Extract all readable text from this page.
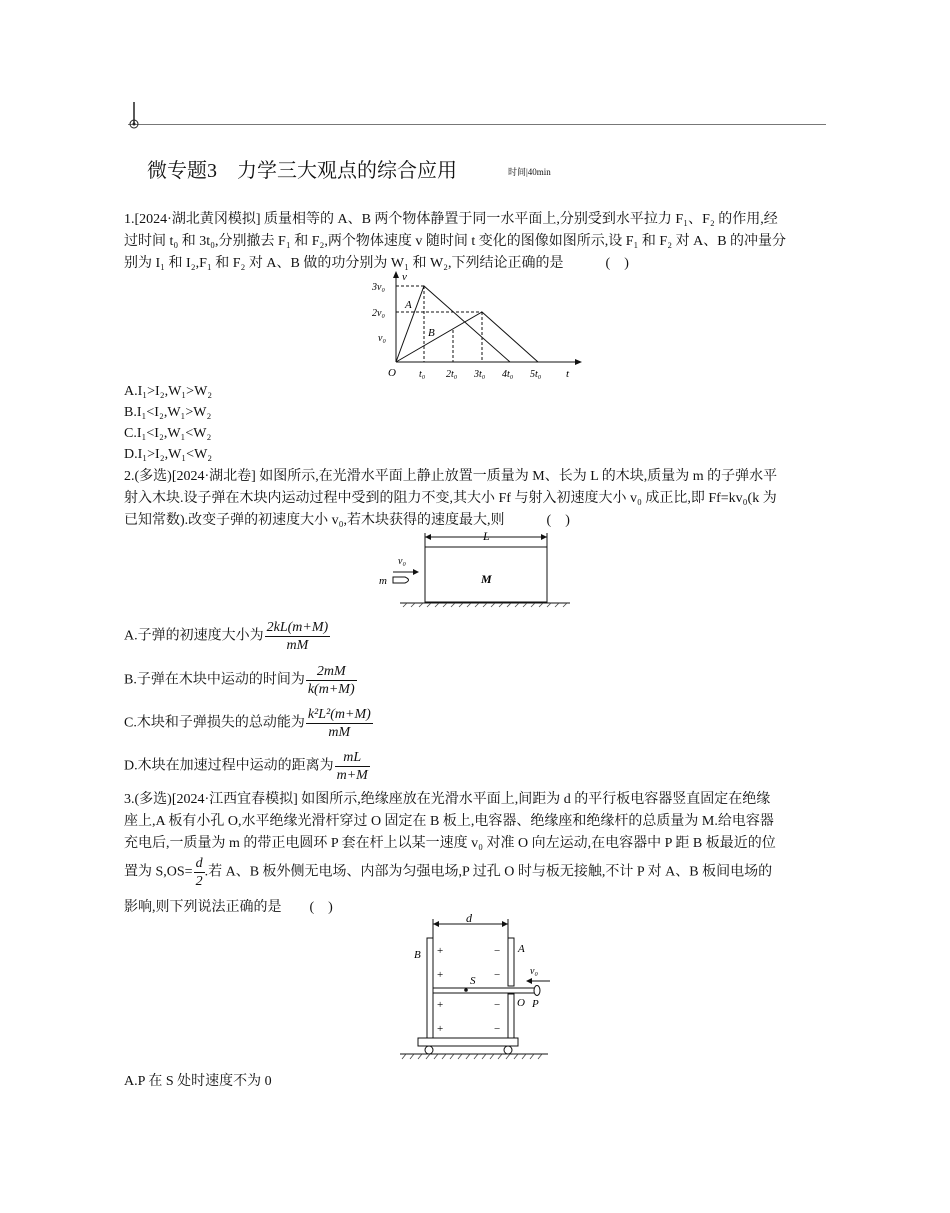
微专题3　力学三大观点的综合应用	时间|40min
1.[2024·湖北黄冈模拟] 质量相等的 A、B 两个物体静置于同一水平面上,分别受到水平拉力 F₁、F₂ 的作用,经
过时间 t₀ 和 3t₀,分别撤去 F₁ 和 F₂,两个物体速度 v 随时间 t 变化的图像如图所示,设 F₁ 和 F₂ 对 A、B 的冲量分
别为 I₁ 和 I₂,F₁ 和 F₂ 对 A、B 做的功分别为 W₁ 和 W₂,下列结论正确的是　　　(　)
v
t
O
3v₀
2v₀
v₀
A
B
t₀ 2t₀ 3t₀ 4t₀ 5t₀
A.I₁>I₂,W₁>W₂
B.I₁<I₂,W₁>W₂
C.I₁<I₂,W₁<W₂
D.I₁>I₂,W₁<W₂
2.(多选)[2024·湖北卷] 如图所示,在光滑水平面上静止放置一质量为 M、长为 L 的木块,质量为 m 的子弹水平
射入木块.设子弹在木块内运动过程中受到的阻力不变,其大小 Ff 与射入初速度大小 v₀ 成正比,即 Ff=kv₀(k 为
已知常数).改变子弹的初速度大小 v₀,若木块获得的速度最大,则　　　(　)
L
M
v₀
m
A.子弹的初速度大小为 $\frac{2kL(m+M)}{mM}$
B.子弹在木块中运动的时间为 $\frac{2mM}{k(m+M)}$
C.木块和子弹损失的总动能为 $\frac{\text{k²L²(m+M)}}{mM}$
D.木块在加速过程中运动的距离为 $\frac{mL}{m+M}$
3.(多选)[2024·江西宜春模拟] 如图所示,绝缘座放在光滑水平面上,间距为 d 的平行板电容器竖直固定在绝缘
座上,A 板有小孔 O,水平绝缘光滑杆穿过 O 固定在 B 板上,电容器、绝缘座和绝缘杆的总质量为 M.给电容器
充电后,一质量为 m 的带正电圆环 P 套在杆上以某一速度 v₀ 对准 O 向左运动,在电容器中 P 距 B 板最近的位
置为 $S,OS= \frac{d}{2}$ .若 A、B 板外侧无电场、内部为匀强电场,P 过孔 O 时与板无接触,不计 P 对 A、B 板间电场的
影响,则下列说法正确的是　　(　)
d
B	A
+
+
+
+
−
−
−
−
S
O P
v₀
A.P 在 S 处时速度不为 0
